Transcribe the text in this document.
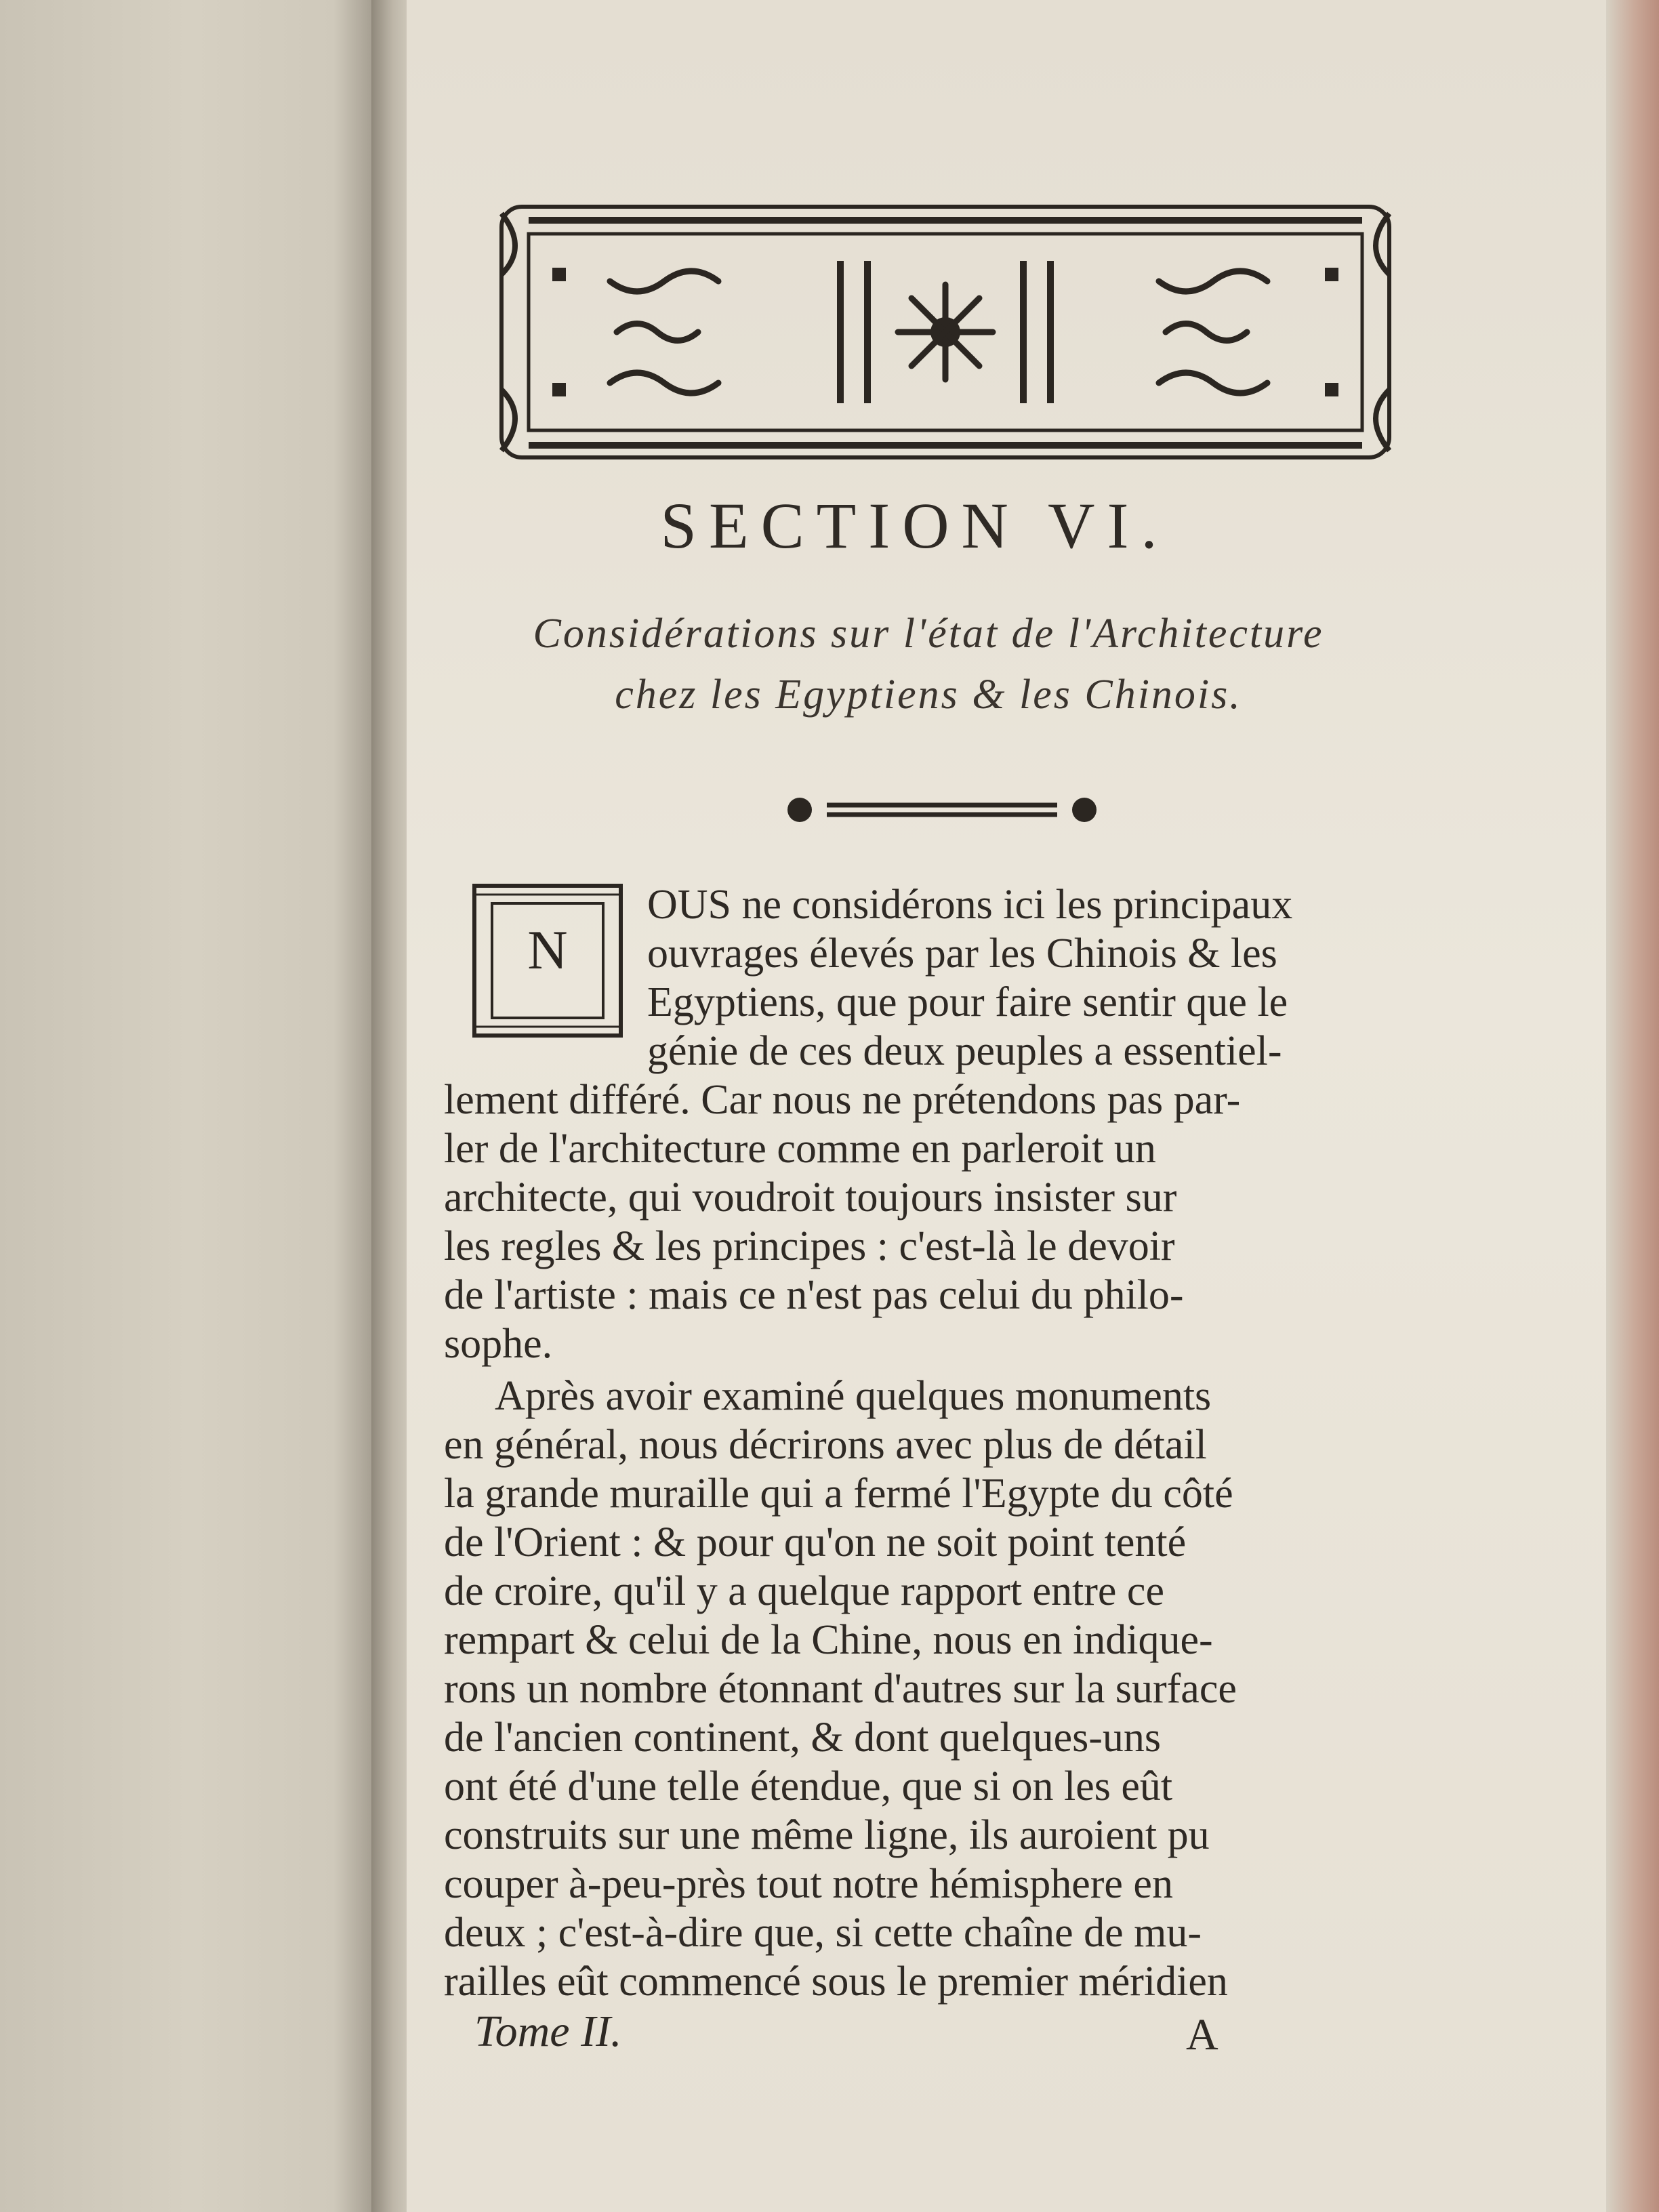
SECTION VI.
Considérations sur l'état de l'Architecture
chez les Egyptiens & les Chinois.
N
OUS ne considérons ici les principaux
ouvrages élevés par les Chinois & les
Egyptiens, que pour faire sentir que le
génie de ces deux peuples a essentiel-
lement différé. Car nous ne prétendons pas par-
ler de l'architecture comme en parleroit un
architecte, qui voudroit toujours insister sur
les regles & les principes : c'est-là le devoir
de l'artiste : mais ce n'est pas celui du philo-
sophe.
Après avoir examiné quelques monuments
en général, nous décrirons avec plus de détail
la grande muraille qui a fermé l'Egypte du côté
de l'Orient : & pour qu'on ne soit point tenté
de croire, qu'il y a quelque rapport entre ce
rempart & celui de la Chine, nous en indique-
rons un nombre étonnant d'autres sur la surface
de l'ancien continent, & dont quelques-uns
ont été d'une telle étendue, que si on les eût
construits sur une même ligne, ils auroient pu
couper à-peu-près tout notre hémisphere en
deux ; c'est-à-dire que, si cette chaîne de mu-
railles eût commencé sous le premier méridien
Tome II.	A
